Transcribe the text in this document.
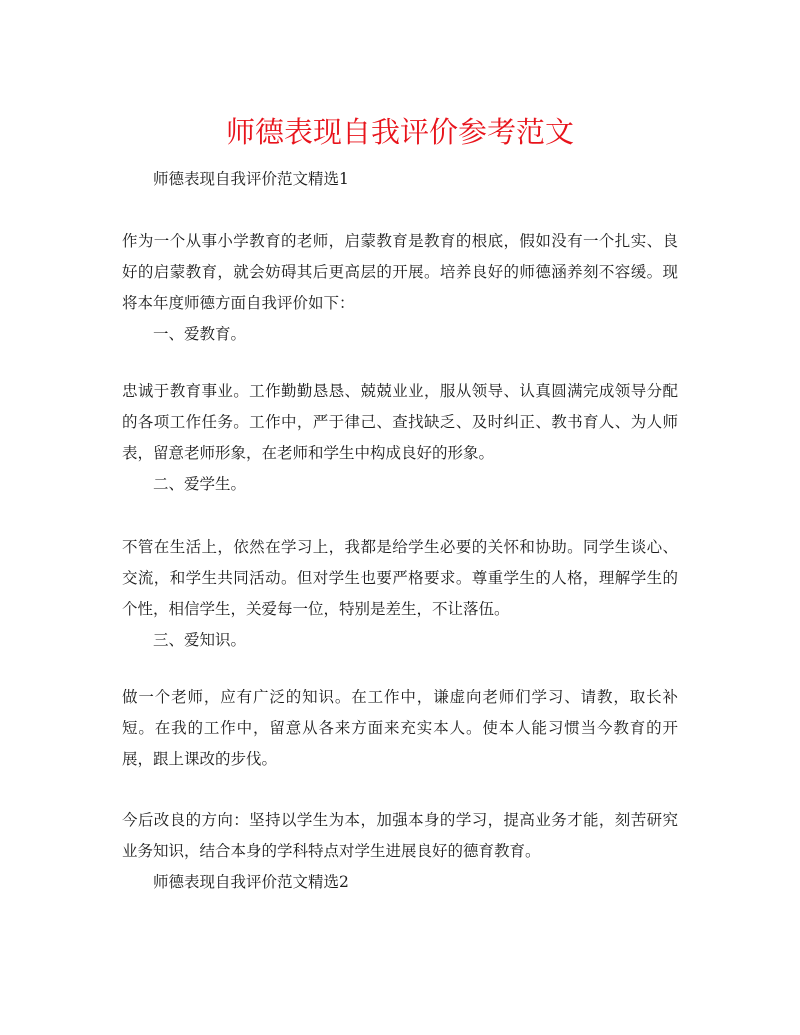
师德表现自我评价参考范文

师德表现自我评价范文精选1

作为一个从事小学教育的老师，启蒙教育是教育的根底，假如没有一个扎实、良好的启蒙教育，就会妨碍其后更高层的开展。培养良好的师德涵养刻不容缓。现将本年度师德方面自我评价如下：

一、爱教育。

忠诚于教育事业。工作勤勤恳恳、兢兢业业，服从领导、认真圆满完成领导分配的各项工作任务。工作中，严于律己、查找缺乏、及时纠正、教书育人、为人师表，留意老师形象，在老师和学生中构成良好的形象。

二、爱学生。

不管在生活上，依然在学习上，我都是给学生必要的关怀和协助。同学生谈心、交流，和学生共同活动。但对学生也要严格要求。尊重学生的人格，理解学生的个性，相信学生，关爱每一位，特别是差生，不让落伍。

三、爱知识。

做一个老师，应有广泛的知识。在工作中，谦虚向老师们学习、请教，取长补短。在我的工作中，留意从各来方面来充实本人。使本人能习惯当今教育的开展，跟上课改的步伐。

今后改良的方向：坚持以学生为本，加强本身的学习，提高业务才能，刻苦研究业务知识，结合本身的学科特点对学生进展良好的德育教育。

师德表现自我评价范文精选2
